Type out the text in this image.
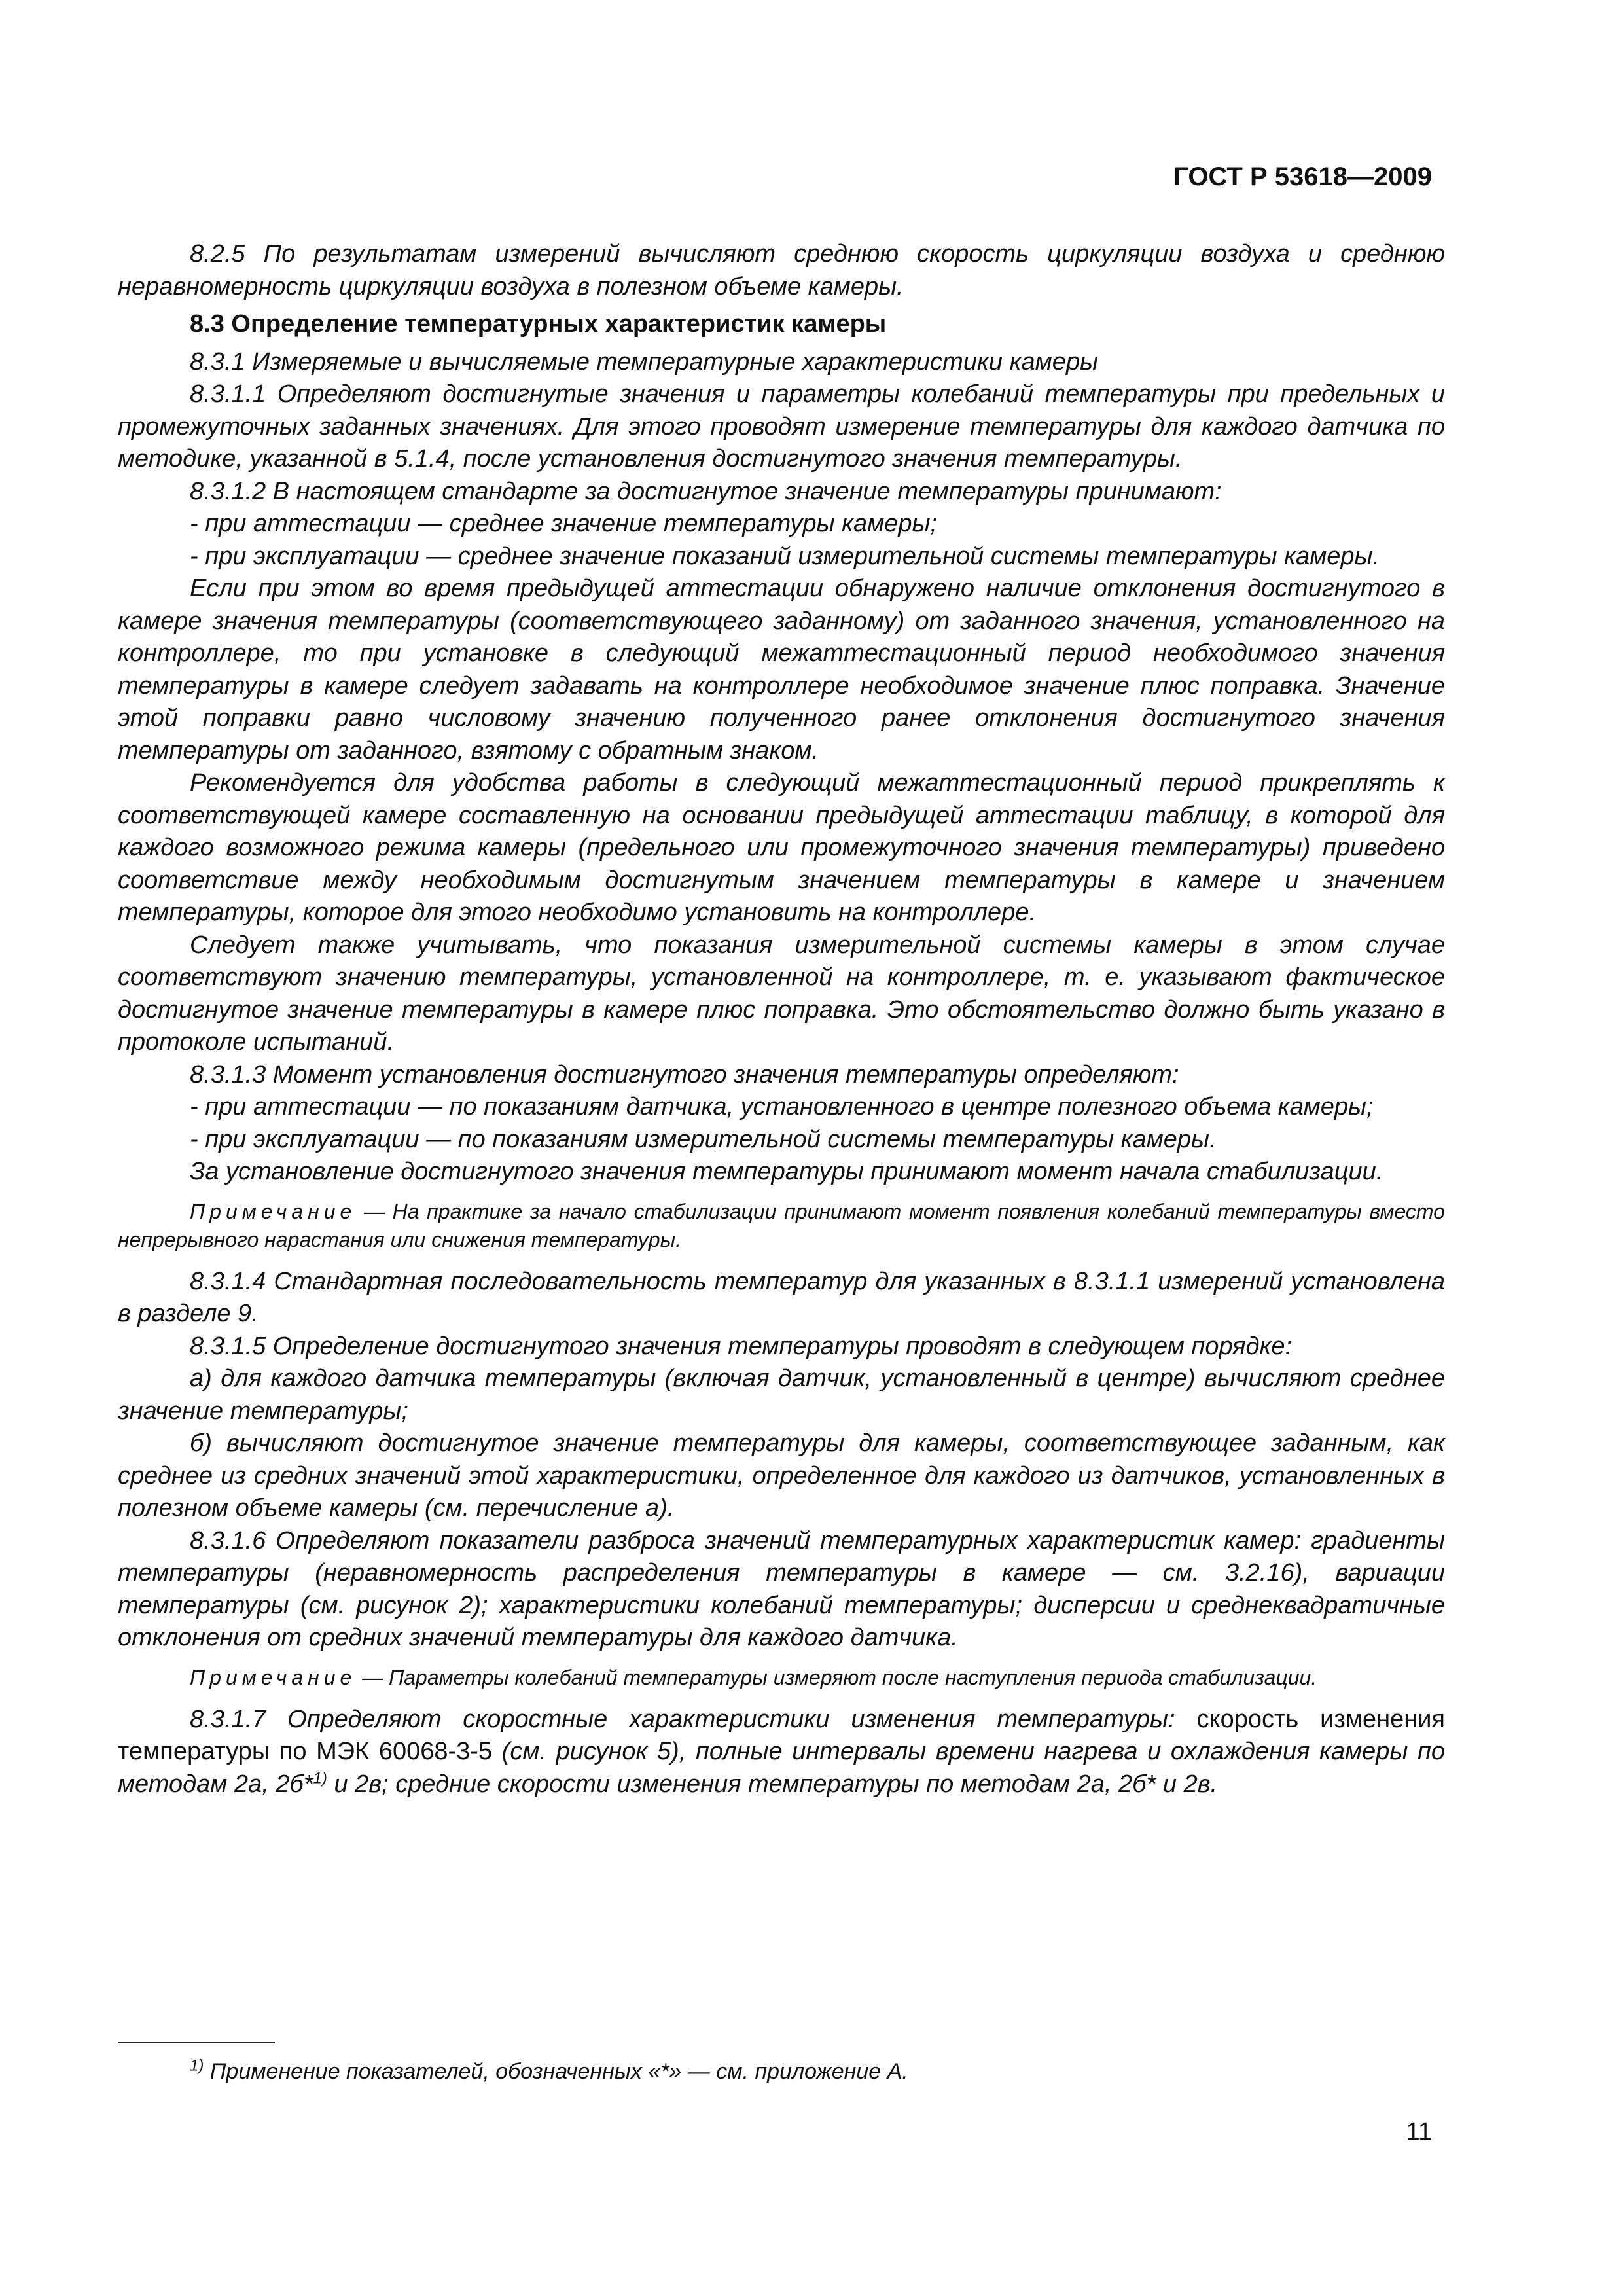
ГОСТ Р 53618—2009

8.2.5 По результатам измерений вычисляют среднюю скорость циркуляции воздуха и среднюю неравномерность циркуляции воздуха в полезном объеме камеры.

8.3 Определение температурных характеристик камеры

8.3.1 Измеряемые и вычисляемые температурные характеристики камеры

8.3.1.1 Определяют достигнутые значения и параметры колебаний температуры при предельных и промежуточных заданных значениях. Для этого проводят измерение температуры для каждого датчика по методике, указанной в 5.1.4, после установления достигнутого значения температуры.

8.3.1.2 В настоящем стандарте за достигнутое значение температуры принимают:

- при аттестации — среднее значение температуры камеры;

- при эксплуатации — среднее значение показаний измерительной системы температуры камеры.

Если при этом во время предыдущей аттестации обнаружено наличие отклонения достигнутого в камере значения температуры (соответствующего заданному) от заданного значения, установленного на контроллере, то при установке в следующий межаттестационный период необходимого значения температуры в камере следует задавать на контроллере необходимое значение плюс поправка. Значение этой поправки равно числовому значению полученного ранее отклонения достигнутого значения температуры от заданного, взятому с обратным знаком.

Рекомендуется для удобства работы в следующий межаттестационный период прикреплять к соответствующей камере составленную на основании предыдущей аттестации таблицу, в которой для каждого возможного режима камеры (предельного или промежуточного значения температуры) приведено соответствие между необходимым достигнутым значением температуры в камере и значением температуры, которое для этого необходимо установить на контроллере.

Следует также учитывать, что показания измерительной системы камеры в этом случае соответствуют значению температуры, установленной на контроллере, т. е. указывают фактическое достигнутое значение температуры в камере плюс поправка. Это обстоятельство должно быть указано в протоколе испытаний.

8.3.1.3 Момент установления достигнутого значения температуры определяют:

- при аттестации — по показаниям датчика, установленного в центре полезного объема камеры;

- при эксплуатации — по показаниям измерительной системы температуры камеры.

За установление достигнутого значения температуры принимают момент начала стабилизации.

Примечание — На практике за начало стабилизации принимают момент появления колебаний температуры вместо непрерывного нарастания или снижения температуры.

8.3.1.4 Стандартная последовательность температур для указанных в 8.3.1.1 измерений установлена в разделе 9.

8.3.1.5 Определение достигнутого значения температуры проводят в следующем порядке:

а) для каждого датчика температуры (включая датчик, установленный в центре) вычисляют среднее значение температуры;

б) вычисляют достигнутое значение температуры для камеры, соответствующее заданным, как среднее из средних значений этой характеристики, определенное для каждого из датчиков, установленных в полезном объеме камеры (см. перечисление а).

8.3.1.6 Определяют показатели разброса значений температурных характеристик камер: градиенты температуры (неравномерность распределения температуры в камере — см. 3.2.16), вариации температуры (см. рисунок 2); характеристики колебаний температуры; дисперсии и среднеквадратичные отклонения от средних значений температуры для каждого датчика.

Примечание — Параметры колебаний температуры измеряют после наступления периода стабилизации.

8.3.1.7 Определяют скоростные характеристики изменения температуры: скорость изменения температуры по МЭК 60068-3-5 (см. рисунок 5), полные интервалы времени нагрева и охлаждения камеры по методам 2а, 2б*$^{1)}$ и 2в; средние скорости изменения температуры по методам 2а, 2б* и 2в.

$^{1)}$ Применение показателей, обозначенных «*» — см. приложение А.
11
